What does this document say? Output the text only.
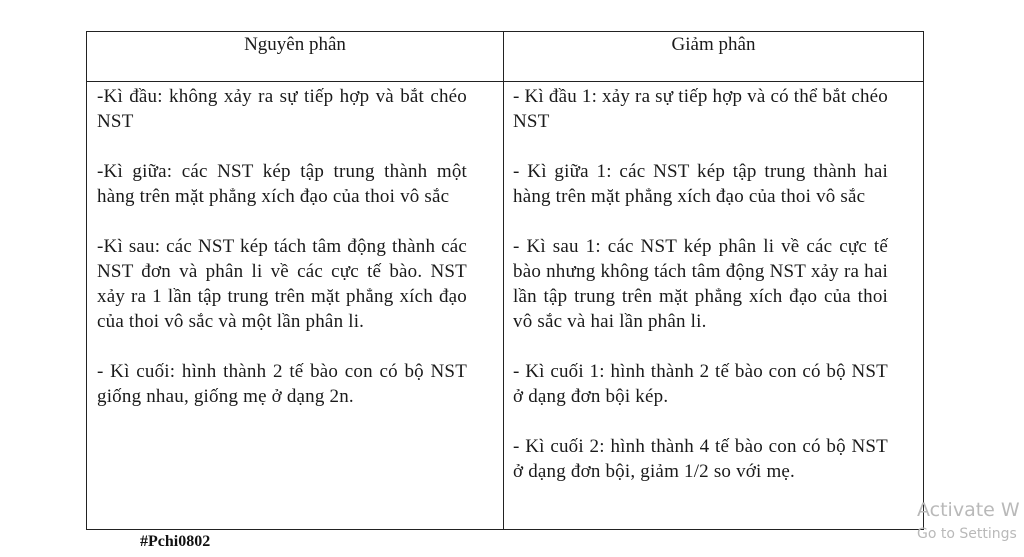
Nguyên phân	Giảm phân

-Kì đầu: không xảy ra sự tiếp hợp và bắt chéo NST

-Kì giữa: các NST kép tập trung thành một hàng trên mặt phẳng xích đạo của thoi vô sắc

-Kì sau: các NST kép tách tâm động thành các NST đơn và phân li về các cực tế bào. NST xảy ra 1 lần tập trung trên mặt phẳng xích đạo của thoi vô sắc và một lần phân li.

- Kì cuối: hình thành 2 tế bào con có bộ NST giống nhau, giống mẹ ở dạng 2n.

- Kì đầu 1: xảy ra sự tiếp hợp và có thể bắt chéo NST

- Kì giữa 1: các NST kép tập trung thành hai hàng trên mặt phẳng xích đạo của thoi vô sắc

- Kì sau 1: các NST kép phân li về các cực tế bào nhưng không tách tâm động NST xảy ra hai lần tập trung trên mặt phẳng xích đạo của thoi vô sắc và hai lần phân li.

- Kì cuối 1: hình thành 2 tế bào con có bộ NST ở dạng đơn bội kép.

- Kì cuối 2: hình thành 4 tế bào con có bộ NST ở dạng đơn bội, giảm 1/2 so với mẹ.

#Pchi0802
Activate W
Go to Settings
